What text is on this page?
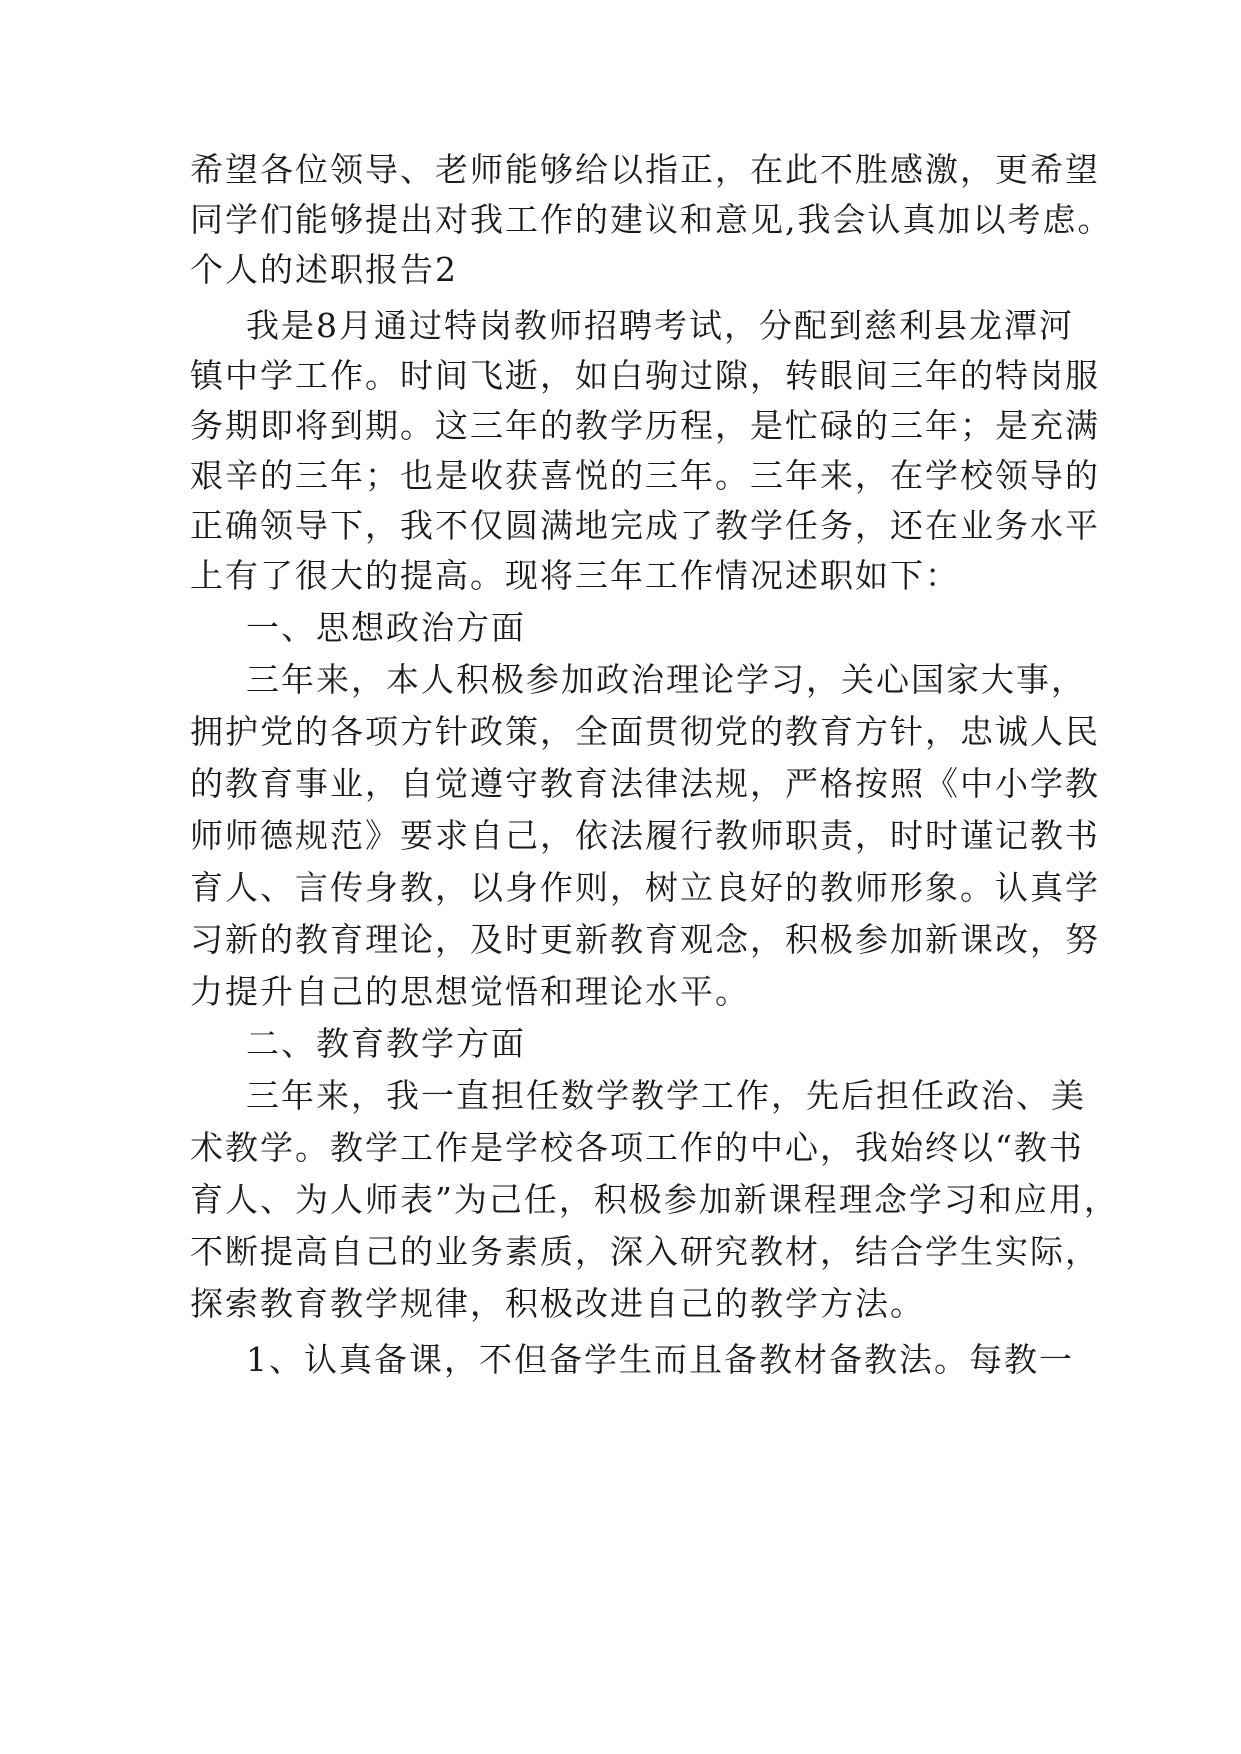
希望各位领导、老师能够给以指正，在此不胜感激，更希望
同学们能够提出对我工作的建议和意见,我会认真加以考虑。
个人的述职报告2
我是8月通过特岗教师招聘考试，分配到慈利县龙潭河
镇中学工作。时间飞逝，如白驹过隙，转眼间三年的特岗服
务期即将到期。这三年的教学历程，是忙碌的三年；是充满
艰辛的三年；也是收获喜悦的三年。三年来，在学校领导的
正确领导下，我不仅圆满地完成了教学任务，还在业务水平
上有了很大的提高。现将三年工作情况述职如下：
一、思想政治方面
三年来，本人积极参加政治理论学习，关心国家大事，
拥护党的各项方针政策，全面贯彻党的教育方针，忠诚人民
的教育事业，自觉遵守教育法律法规，严格按照《中小学教
师师德规范》要求自己，依法履行教师职责，时时谨记教书
育人、言传身教，以身作则，树立良好的教师形象。认真学
习新的教育理论，及时更新教育观念，积极参加新课改，努
力提升自己的思想觉悟和理论水平。
二、教育教学方面
三年来，我一直担任数学教学工作，先后担任政治、美
术教学。教学工作是学校各项工作的中心，我始终以“教书
育人、为人师表”为己任，积极参加新课程理念学习和应用，
不断提高自己的业务素质，深入研究教材，结合学生实际，
探索教育教学规律，积极改进自己的教学方法。
1、认真备课，不但备学生而且备教材备教法。每教一
